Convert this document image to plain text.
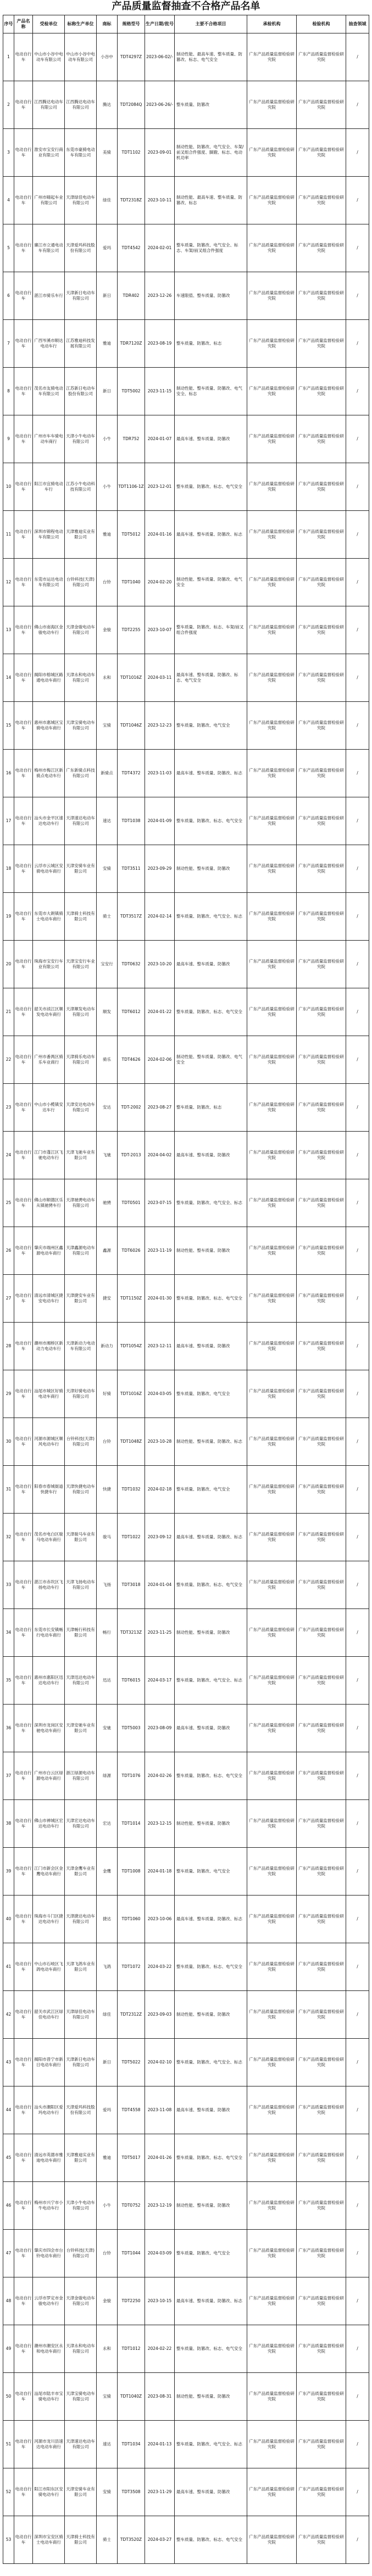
产品质量监督抽查不合格产品名单
序号	产品名称	受检单位	标称生产单位	商标	规格型号	生产日期/批号	主要不合格项目	承检机构	检验机构	抽查领域
1	电动自行车	中山市小谷中电动车有限公司	中山市小谷中电动车有限公司	小谷中	TDT4297Z	2023-06-02/-	制动性能、最高车速、整车质量、防篡改、标志、电气安全	广东产品质量监督检验研究院	广东产品质量监督检验研究院	/
2	电动自行车	江西腾达电动车有限公司	江西腾达电动车有限公司	腾达	TDT2084Q	2023-06-26/-	整车质量、防篡改	广东产品质量监督检验研究院	广东产品质量监督检验研究院	/
3	电动自行车	淮安市宝安行商业有限公司	东莞市豪骑电动车有限公司	美骑	TDT1102	2023-09-01	制动性能、防篡改、电气安全、车架/前叉组合件强度、脚蹬、标志、电动机功率	广东产品质量监督检验研究院	广东产品质量监督检验研究院	/
4	电动自行车	广州市嗨起车业有限公司	天津绿佳电动车有限公司	绿佳	TDT2318Z	2023-10-11	制动性能、最高车速、整车质量、防篡改、标志	广东产品质量监督检验研究院	广东产品质量监督检验研究院	/
5	电动自行车	廉江市立通电动车有限公司	天津爱玛科技股份有限公司	爱玛	TDT4542	2024-02-01	整车质量、防篡改、电气安全、标志、车架/前叉组合件强度	广东产品质量监督检验研究院	广东产品质量监督检验研究院	/
6	电动自行车	湛江市骑乐车行	天津新日电动车有限公司	新日	TDR402	2023-12-26	车速限值、整车质量、防篡改	广东产品质量监督检验研究院	广东产品质量监督检验研究院	/
7	电动自行车	广西岑溪市顺达电动车行	江苏雅迪科技发展有限公司	雅迪	TDR7120Z	2023-08-19	整车质量、防篡改、标志	广东产品质量监督检验研究院	广东产品质量监督检验研究院	/
8	电动自行车	茂名市友骑电动车有限公司	江苏新日电动车股份有限公司	新日	TDT5002	2023-11-15	制动性能、整车质量、防篡改、电气安全、标志	广东产品质量监督检验研究院	广东产品质量监督检验研究院	/
9	电动自行车	广州市车车骑电动车商行	天津小牛电动车有限公司	小牛	TDR752	2024-01-07	最高车速、整车质量、防篡改	广东产品质量监督检验研究院	广东产品质量监督检验研究院	/
10	电动自行车	阳江市宜骑电动车行	江苏小牛电动科技有限公司	小牛	TDT1106-1Z	2023-12-01	整车质量、防篡改、标志、电气安全	广东产品质量监督检验研究院	广东产品质量监督检验研究院	/
11	电动自行车	深圳市锦程电动车有限公司	天津雅迪实业有限公司	雅迪	TDT5012	2024-01-16	最高车速、整车质量、防篡改、标志	广东产品质量监督检验研究院	广东产品质量监督检验研究院	/
12	电动自行车	东莞市运达电动车有限公司	台铃科技(天津)有限公司	台铃	TDT1040	2024-02-20	制动性能、整车质量、防篡改、电气安全	广东产品质量监督检验研究院	广东产品质量监督检验研究院	/
13	电动自行车	佛山市南海区金骏电动车行	天津金骏电动车有限公司	金骏	TDT2255	2023-10-07	整车质量、防篡改、标志、车架/前叉组合件强度	广东产品质量监督检验研究院	广东产品质量监督检验研究院	/
14	电动自行车	揭阳市榕城区路通电动车商行	天津永和电动车有限公司	永和	TDT1016Z	2024-03-11	最高车速、整车质量、防篡改、标志、电气安全	广东产品质量监督检验研究院	广东产品质量监督检验研究院	/
15	电动自行车	惠州市惠城区宝骑电动车商行	天津宝骑电动车有限公司	宝骑	TDT1046Z	2023-12-23	整车质量、防篡改、电气安全	广东产品质量监督检验研究院	广东产品质量监督检验研究院	/
16	电动自行车	梅州市梅江区新骑点电动车行	广东新骑点科技有限公司	新骑点	TDT4372	2023-11-03	最高车速、整车质量、防篡改、标志	广东产品质量监督检验研究院	广东产品质量监督检验研究院	/
17	电动自行车	汕头市金平区速达电动车行	天津速达电动车有限公司	速达	TDT1038	2024-01-09	整车质量、防篡改、标志、电气安全	广东产品质量监督检验研究院	广东产品质量监督检验研究院	/
18	电动自行车	云浮市云城区安骑电动车商行	天津安骑车业有限公司	安骑	TDT3511	2023-09-29	制动性能、整车质量、防篡改	广东产品质量监督检验研究院	广东产品质量监督检验研究院	/
19	电动自行车	东莞市大朗镇骑士电动车商行	天津骑士科技有限公司	骑士	TDT3517Z	2024-02-14	整车质量、防篡改、电气安全、标志	广东产品质量监督检验研究院	广东产品质量监督检验研究院	/
20	电动自行车	珠海市宝安行车业有限公司	天津宝安行车业有限公司	宝安行	TDT0632	2023-10-20	最高车速、整车质量、防篡改	广东产品质量监督检验研究院	广东产品质量监督检验研究院	/
21	电动自行车	韶关市浈江区顺发电动车商行	天津顺发电动车有限公司	顺发	TDT6012	2024-01-22	整车质量、防篡改、标志、电气安全	广东产品质量监督检验研究院	广东产品质量监督检验研究院	/
22	电动自行车	广州市番禺区骑乐车业商行	天津骑乐电动车有限公司	骑乐	TDT4626	2024-02-06	制动性能、整车质量、防篡改、电气安全	广东产品质量监督检验研究院	广东产品质量监督检验研究院	/
23	电动自行车	中山市小榄镇安达车行	天津安达电动车有限公司	安达	TDT-2002	2023-08-27	整车质量、防篡改、标志	广东产品质量监督检验研究院	广东产品质量监督检验研究院	/
24	电动自行车	江门市蓬江区飞驰电动车行	天津飞驰车业有限公司	飞驰	TDT-2013	2024-04-02	最高车速、整车质量、防篡改	广东产品质量监督检验研究院	广东产品质量监督检验研究院	/
25	电动自行车	佛山市顺德区乐从镇驰骋车行	天津驰骋电动车有限公司	驰骋	TDT0501	2023-07-15	整车质量、防篡改、电气安全、标志	广东产品质量监督检验研究院	广东产品质量监督检验研究院	/
26	电动自行车	肇庆市端州区鑫源电动车商行	天津鑫源电动车有限公司	鑫源	TDT6026	2023-11-19	制动性能、整车质量、防篡改	广东产品质量监督检验研究院	广东产品质量监督检验研究院	/
27	电动自行车	清远市清城区捷安电动车行	天津捷安车业有限公司	捷安	TDT1150Z	2024-01-30	整车质量、防篡改、标志、电气安全	广东产品质量监督检验研究院	广东产品质量监督检验研究院	/
28	电动自行车	潮州市湘桥区新动力电动车行	天津新动力电动车有限公司	新动力	TDT1054Z	2023-12-11	最高车速、整车质量、防篡改	广东产品质量监督检验研究院	广东产品质量监督检验研究院	/
29	电动自行车	汕尾市城区好骑电动车商行	天津好骑电动车有限公司	好骑	TDT1016Z	2024-03-05	整车质量、防篡改、电气安全	广东产品质量监督检验研究院	广东产品质量监督检验研究院	/
30	电动自行车	河源市源城区顺风电动车行	台铃科技(天津)有限公司	台铃	TDT1048Z	2023-10-28	制动性能、整车质量、防篡改、标志	广东产品质量监督检验研究院	广东产品质量监督检验研究院	/
31	电动自行车	阳春市春城街道快捷车行	天津快捷电动车有限公司	快捷	TDT1032	2024-02-18	整车质量、防篡改、电气安全	广东产品质量监督检验研究院	广东产品质量监督检验研究院	/
32	电动自行车	茂名市电白区骏马电动车商行	天津骏马车业有限公司	骏马	TDT1022	2023-09-12	最高车速、整车质量、防篡改、标志	广东产品质量监督检验研究院	广东产品质量监督检验研究院	/
33	电动自行车	湛江市赤坎区飞扬电动车行	天津飞扬电动车有限公司	飞扬	TDT3018	2024-01-04	整车质量、防篡改、标志、电气安全	广东产品质量监督检验研究院	广东产品质量监督检验研究院	/
34	电动自行车	东莞市长安镇畅行电动车商行	天津畅行科技有限公司	畅行	TDT3213Z	2023-11-25	制动性能、整车质量、防篡改	广东产品质量监督检验研究院	广东产品质量监督检验研究院	/
35	电动自行车	惠州市惠阳区迅达电动车行	天津迅达电动车有限公司	迅达	TDT6015	2024-03-17	整车质量、防篡改、电气安全、标志	广东产品质量监督检验研究院	广东产品质量监督检验研究院	/
36	电动自行车	深圳市龙岗区安驰电动车商行	天津安驰车业有限公司	安驰	TDT5003	2023-08-09	最高车速、整车质量、防篡改	广东产品质量监督检验研究院	广东产品质量监督检验研究院	/
37	电动自行车	广州市白云区绿源电动车商行	浙江绿源电动车有限公司	绿源	TDT1076	2024-02-26	整车质量、防篡改、标志、电气安全	广东产品质量监督检验研究院	广东产品质量监督检验研究院	/
38	电动自行车	佛山市禅城区宏达电动车行	天津宏达电动车有限公司	宏达	TDT1014	2023-12-15	制动性能、整车质量、防篡改	广东产品质量监督检验研究院	广东产品质量监督检验研究院	/
39	电动自行车	江门市新会区金鹰电动车商行	天津金鹰车业有限公司	金鹰	TDT1008	2024-01-18	整车质量、防篡改、电气安全	广东产品质量监督检验研究院	广东产品质量监督检验研究院	/
40	电动自行车	珠海市斗门区捷达电动车行	天津捷达电动车有限公司	捷达	TDT1060	2023-10-06	最高车速、整车质量、防篡改、标志	广东产品质量监督检验研究院	广东产品质量监督检验研究院	/
41	电动自行车	中山市石岐区飞鸽电动车商行	天津飞鸽车业有限公司	飞鸽	TDT1072	2024-03-22	整车质量、防篡改、标志、电气安全	广东产品质量监督检验研究院	广东产品质量监督检验研究院	/
42	电动自行车	韶关市武江区绿佳电动车行	天津绿佳电动车有限公司	绿佳	TDT2312Z	2023-09-03	制动性能、整车质量、防篡改	广东产品质量监督检验研究院	广东产品质量监督检验研究院	/
43	电动自行车	揭阳市普宁市新日电动车商行	天津新日电动车有限公司	新日	TDT5022	2024-02-10	整车质量、防篡改、电气安全、标志	广东产品质量监督检验研究院	广东产品质量监督检验研究院	/
44	电动自行车	汕头市潮阳区爱玛电动车行	天津爱玛科技股份有限公司	爱玛	TDT4558	2023-11-08	最高车速、整车质量、防篡改	广东产品质量监督检验研究院	广东产品质量监督检验研究院	/
45	电动自行车	清远市英德市雅迪电动车商行	天津雅迪实业有限公司	雅迪	TDT5017	2024-01-26	整车质量、防篡改、标志、电气安全	广东产品质量监督检验研究院	广东产品质量监督检验研究院	/
46	电动自行车	梅州市兴宁市小牛电动车行	天津小牛电动车有限公司	小牛	TDT0752	2023-12-19	制动性能、整车质量、防篡改	广东产品质量监督检验研究院	广东产品质量监督检验研究院	/
47	电动自行车	肇庆市四会市台铃电动车商行	台铃科技(天津)有限公司	台铃	TDT1044	2024-03-09	整车质量、防篡改、电气安全	广东产品质量监督检验研究院	广东产品质量监督检验研究院	/
48	电动自行车	云浮市罗定市金骏电动车行	天津金骏电动车有限公司	金骏	TDT2250	2023-10-15	最高车速、整车质量、防篡改、标志	广东产品质量监督检验研究院	广东产品质量监督检验研究院	/
49	电动自行车	潮州市潮安区永和电动车商行	天津永和电动车有限公司	永和	TDT1012	2024-02-22	整车质量、防篡改、标志、电气安全	广东产品质量监督检验研究院	广东产品质量监督检验研究院	/
50	电动自行车	汕尾市陆丰市宝骑电动车行	天津宝骑电动车有限公司	宝骑	TDT1040Z	2023-08-31	制动性能、整车质量、防篡改	广东产品质量监督检验研究院	广东产品质量监督检验研究院	/
51	电动自行车	河源市龙川县速达电动车商行	天津速达电动车有限公司	速达	TDT1034	2024-01-13	整车质量、防篡改、电气安全、标志	广东产品质量监督检验研究院	广东产品质量监督检验研究院	/
52	电动自行车	阳江市阳东区安骑电动车行	天津安骑车业有限公司	安骑	TDT3508	2023-11-29	最高车速、整车质量、防篡改	广东产品质量监督检验研究院	广东产品质量监督检验研究院	/
53	电动自行车	深圳市宝安区骑士电动车商行	天津骑士科技有限公司	骑士	TDT3520Z	2024-03-27	整车质量、防篡改、标志、电气安全	广东产品质量监督检验研究院	广东产品质量监督检验研究院	/
